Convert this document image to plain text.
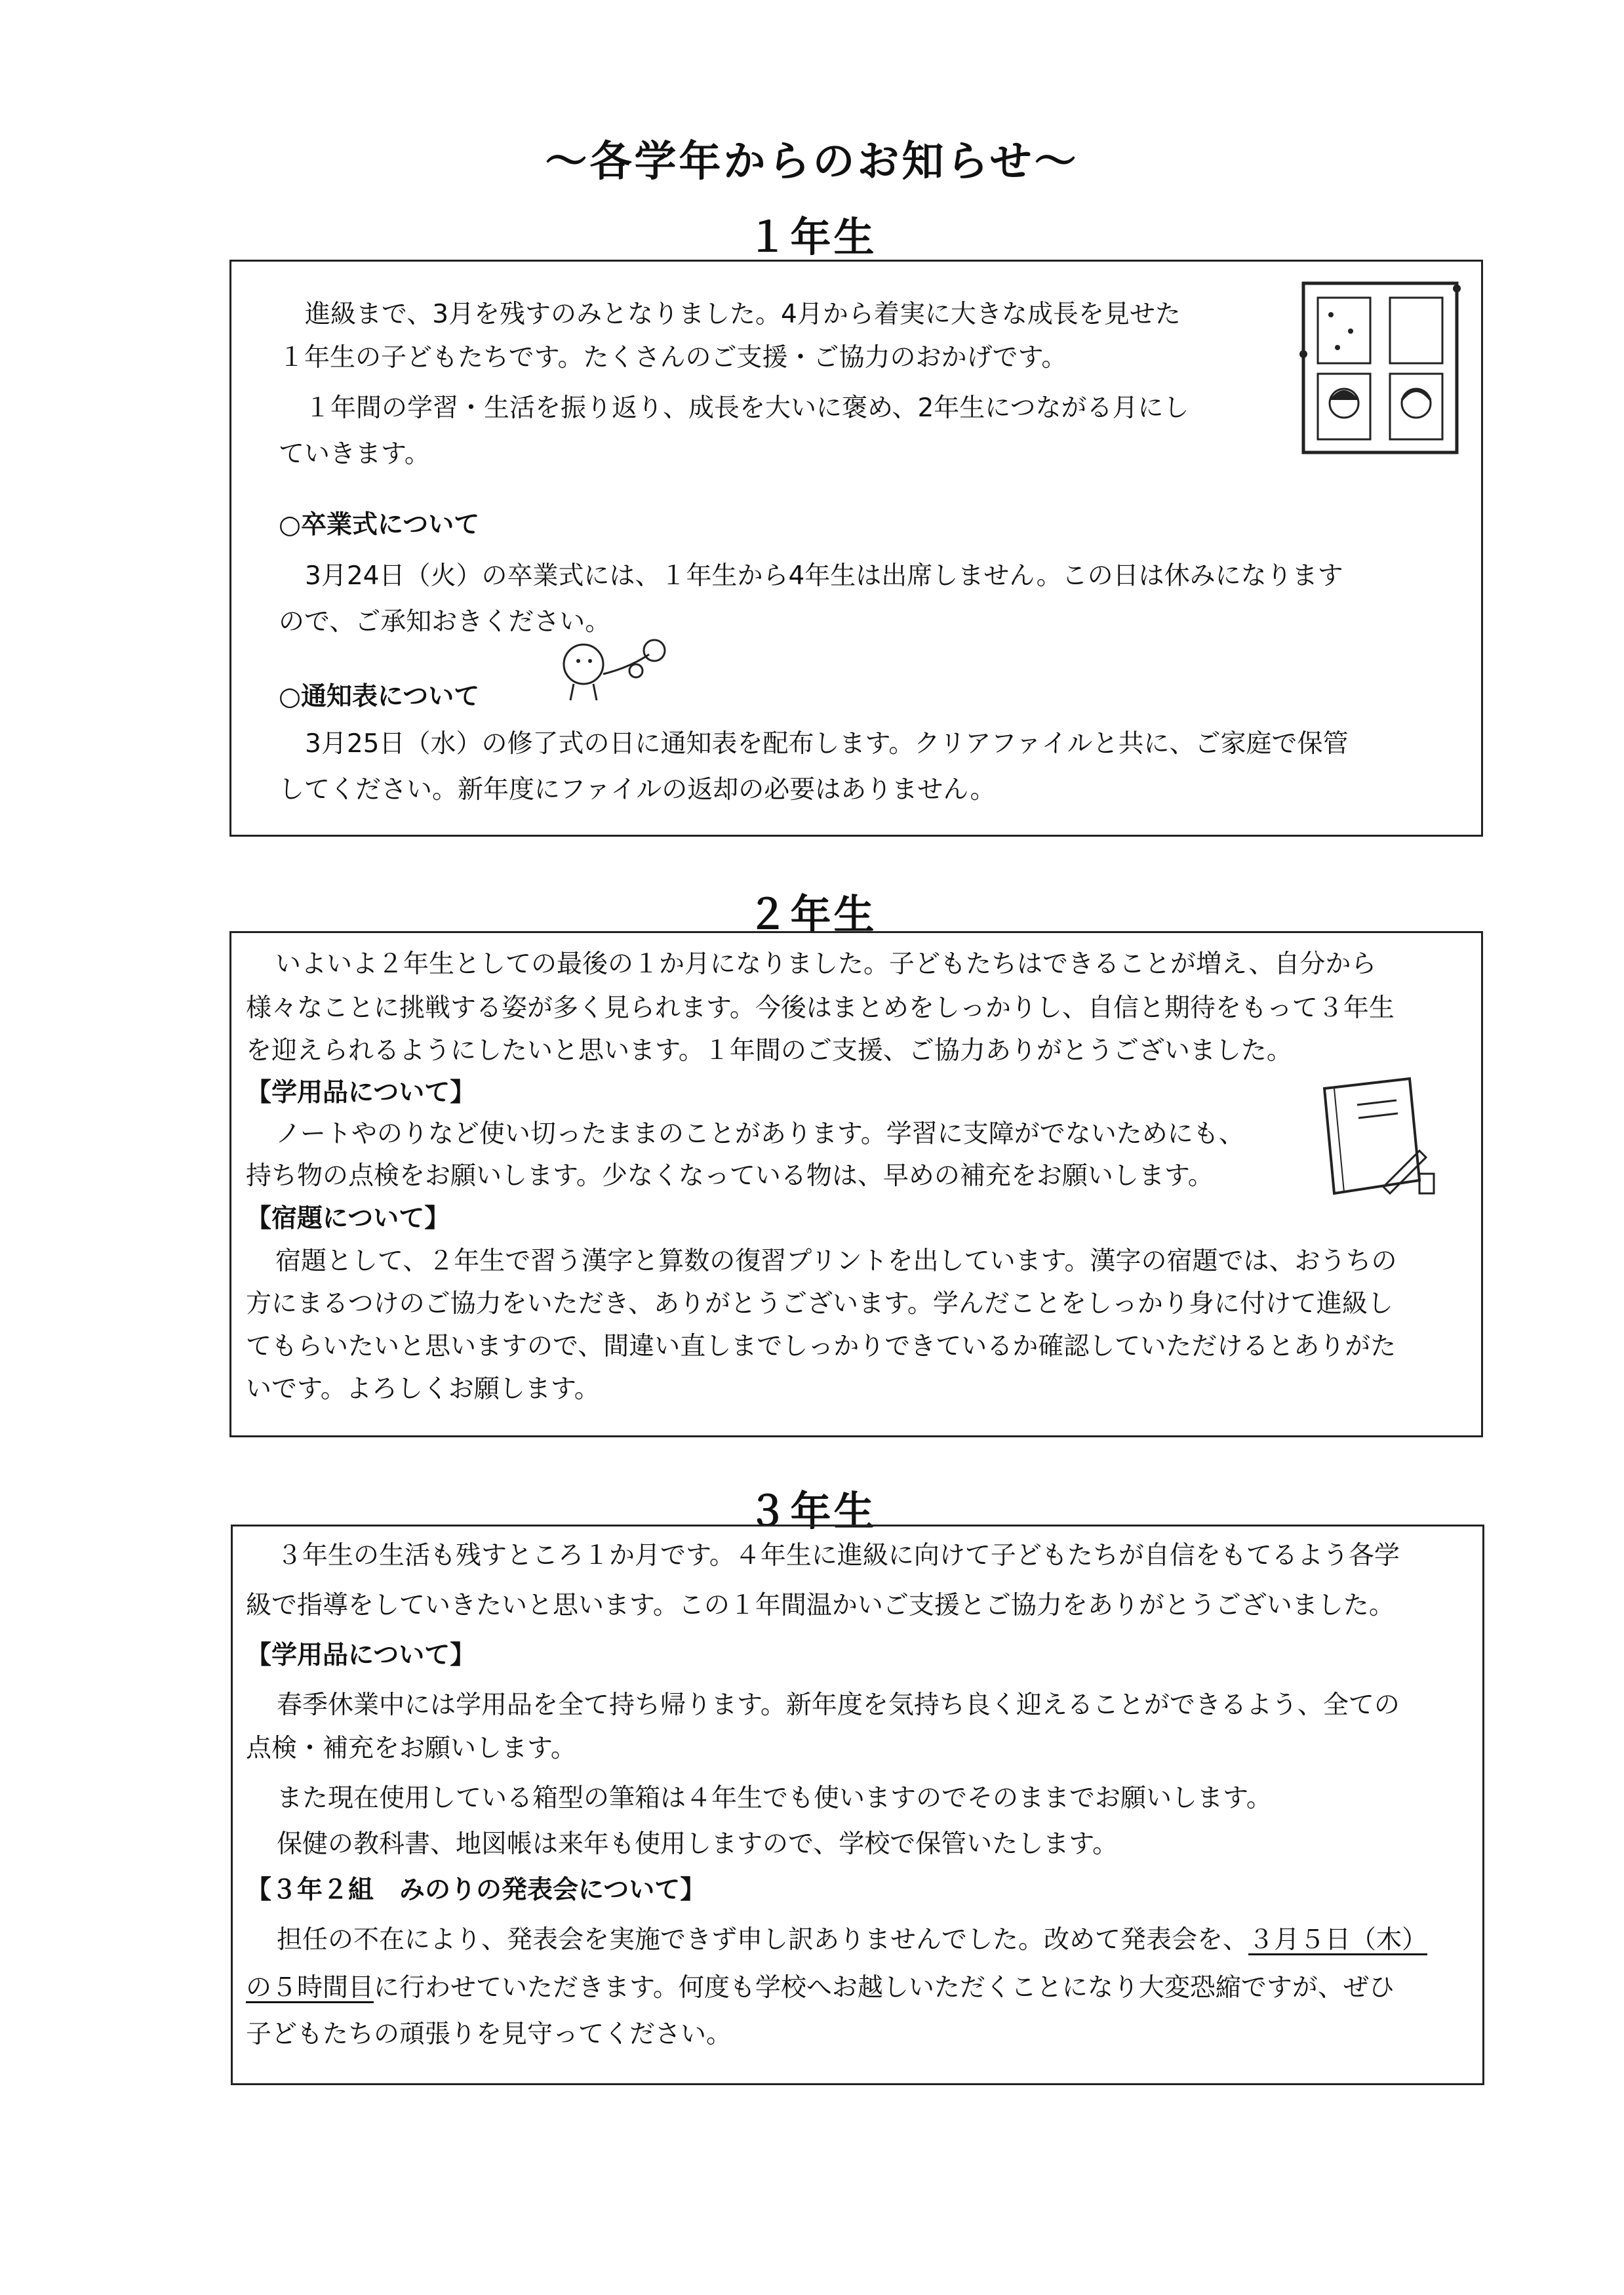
〜各学年からのお知らせ〜
１年生
進級まで、3月を残すのみとなりました。4月から着実に大きな成長を見せた
１年生の子どもたちです。たくさんのご支援・ご協力のおかげです。
１年間の学習・生活を振り返り、成長を大いに褒め、2年生につながる月にし
ていきます。
○卒業式について
3月24日（火）の卒業式には、１年生から4年生は出席しません。この日は休みになります
ので、ご承知おきください。
○通知表について
3月25日（水）の修了式の日に通知表を配布します。クリアファイルと共に、ご家庭で保管
してください。新年度にファイルの返却の必要はありません。
２年生
いよいよ２年生としての最後の１か月になりました。子どもたちはできることが増え、自分から
様々なことに挑戦する姿が多く見られます。今後はまとめをしっかりし、自信と期待をもって３年生
を迎えられるようにしたいと思います。１年間のご支援、ご協力ありがとうございました。
【学用品について】
ノートやのりなど使い切ったままのことがあります。学習に支障がでないためにも、
持ち物の点検をお願いします。少なくなっている物は、早めの補充をお願いします。
【宿題について】
宿題として、２年生で習う漢字と算数の復習プリントを出しています。漢字の宿題では、おうちの
方にまるつけのご協力をいただき、ありがとうございます。学んだことをしっかり身に付けて進級し
てもらいたいと思いますので、間違い直しまでしっかりできているか確認していただけるとありがた
いです。よろしくお願します。
３年生
３年生の生活も残すところ１か月です。４年生に進級に向けて子どもたちが自信をもてるよう各学
級で指導をしていきたいと思います。この１年間温かいご支援とご協力をありがとうございました。
【学用品について】
春季休業中には学用品を全て持ち帰ります。新年度を気持ち良く迎えることができるよう、全ての
点検・補充をお願いします。
また現在使用している箱型の筆箱は４年生でも使いますのでそのままでお願いします。
保健の教科書、地図帳は来年も使用しますので、学校で保管いたします。
【３年２組　みのりの発表会について】
担任の不在により、発表会を実施できず申し訳ありませんでした。改めて発表会を、３月５日（木）
の５時間目に行わせていただきます。何度も学校へお越しいただくことになり大変恐縮ですが、ぜひ
子どもたちの頑張りを見守ってください。
